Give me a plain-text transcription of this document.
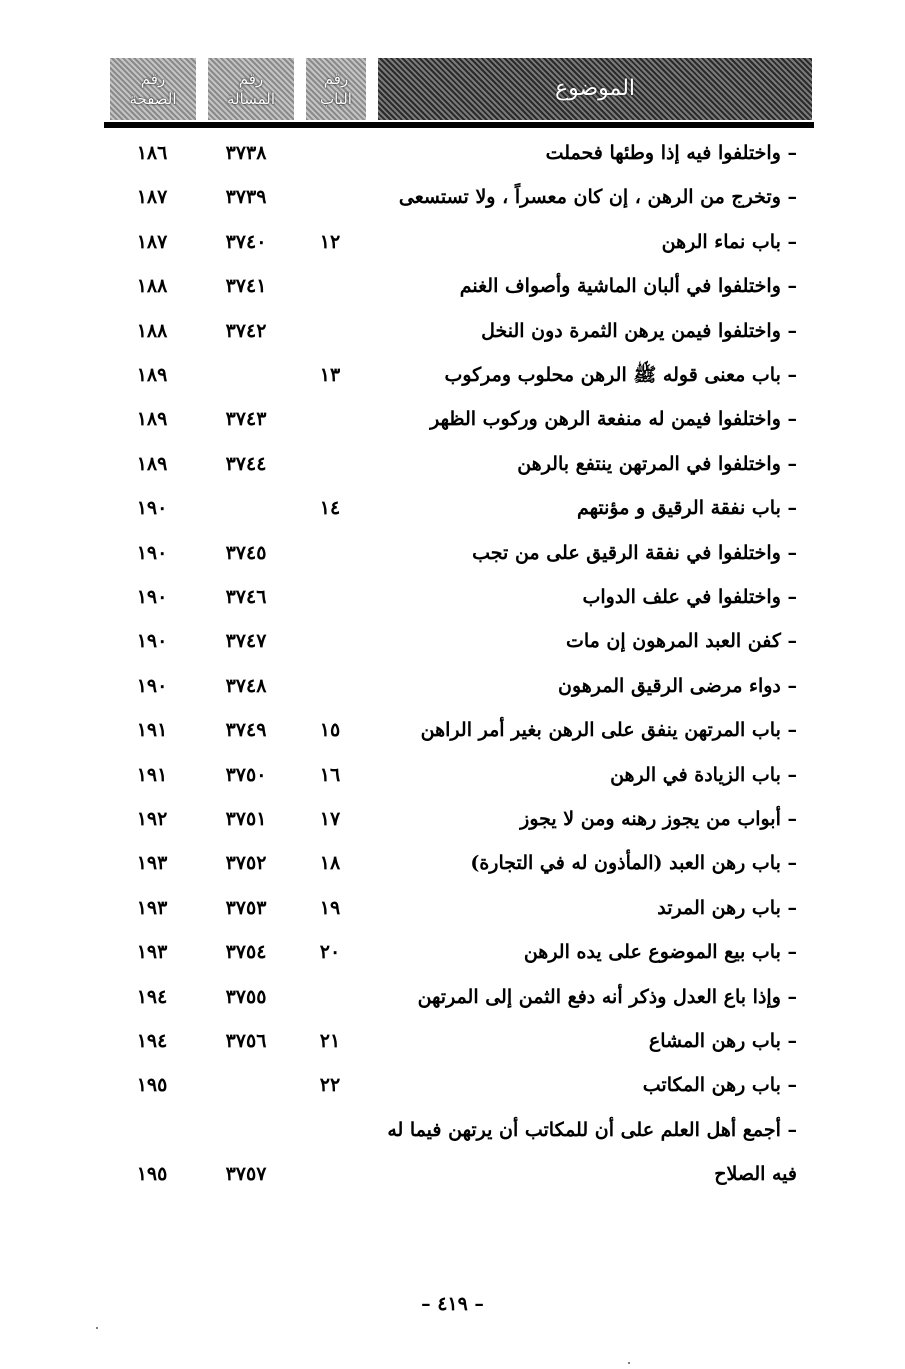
رقم
الصفحة
رقم
المسألة
رقم
الباب	الموضوع
– واختلفوا فيه إذا وطئها فحملت
٣٧٣٨
١٨٦
– وتخرج من الرهن ، إن كان معسراً ، ولا تستسعى
٣٧٣٩
١٨٧
– باب نماء الرهن
١٢
٣٧٤٠
١٨٧
– واختلفوا في ألبان الماشية وأصواف الغنم
٣٧٤١
١٨٨
– واختلفوا فيمن يرهن الثمرة دون النخل
٣٧٤٢
١٨٨
– باب معنى قوله ﷺ الرهن محلوب ومركوب
١٣
١٨٩
– واختلفوا فيمن له منفعة الرهن وركوب الظهر
٣٧٤٣
١٨٩
– واختلفوا في المرتهن ينتفع بالرهن
٣٧٤٤
١٨٩
– باب نفقة الرقيق و مؤنتهم
١٤
١٩٠
– واختلفوا في نفقة الرقيق على من تجب
٣٧٤٥
١٩٠
– واختلفوا في علف الدواب
٣٧٤٦
١٩٠
– كفن العبد المرهون إن مات
٣٧٤٧
١٩٠
– دواء مرضى الرقيق المرهون
٣٧٤٨
١٩٠
– باب المرتهن ينفق على الرهن بغير أمر الراهن
١٥
٣٧٤٩
١٩١
– باب الزيادة في الرهن
١٦
٣٧٥٠
١٩١
– أبواب من يجوز رهنه ومن لا يجوز
١٧
٣٧٥١
١٩٢
– باب رهن العبد (المأذون له في التجارة)
١٨
٣٧٥٢
١٩٣
– باب رهن المرتد
١٩
٣٧٥٣
١٩٣
– باب بيع الموضوع على يده الرهن
٢٠
٣٧٥٤
١٩٣
– وإذا باع العدل وذكر أنه دفع الثمن إلى المرتهن
٣٧٥٥
١٩٤
– باب رهن المشاع
٢١
٣٧٥٦
١٩٤
– باب رهن المكاتب
٢٢
١٩٥
– أجمع أهل العلم على أن للمكاتب أن يرتهن فيما له
فيه الصلاح
٣٧٥٧
١٩٥
– ٤١٩ –
